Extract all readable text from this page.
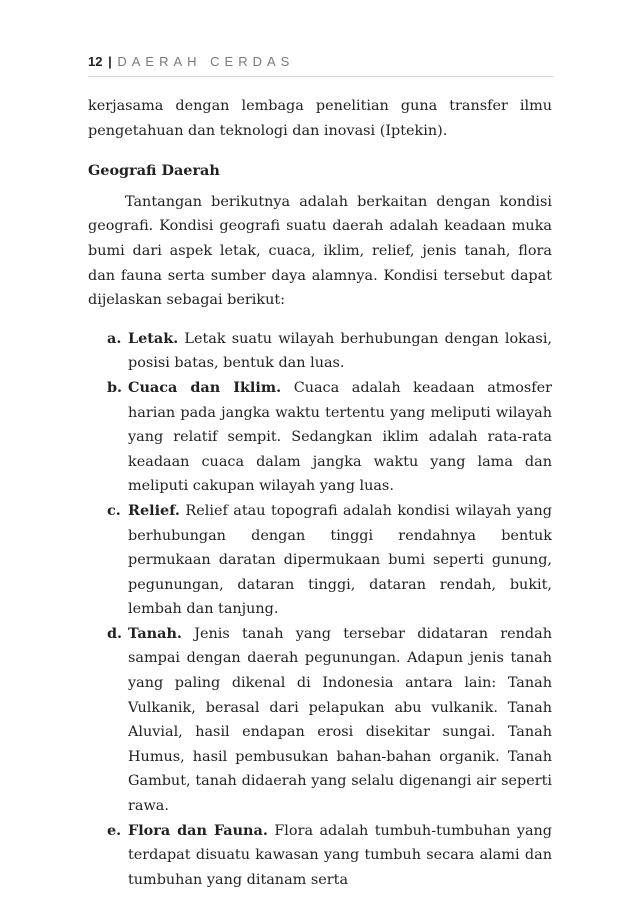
12 | DAERAH CERDAS

kerjasama dengan lembaga penelitian guna transfer ilmu pengetahuan dan teknologi dan inovasi (Iptekin).

Geografi Daerah

Tantangan berikutnya adalah berkaitan dengan kondisi geografi. Kondisi geografi suatu daerah adalah keadaan muka bumi dari aspek letak, cuaca, iklim, relief, jenis tanah, flora dan fauna serta sumber daya alamnya. Kondisi tersebut dapat dijelaskan sebagai berikut:

a. Letak. Letak suatu wilayah berhubungan dengan lokasi, posisi batas, bentuk dan luas.

b. Cuaca dan Iklim. Cuaca adalah keadaan atmosfer harian pada jangka waktu tertentu yang meliputi wilayah yang relatif sempit. Sedangkan iklim adalah rata-rata keadaan cuaca dalam jangka waktu yang lama dan meliputi cakupan wilayah yang luas.

c. Relief. Relief atau topografi adalah kondisi wilayah yang berhubungan dengan tinggi rendahnya bentuk permukaan daratan dipermukaan bumi seperti gunung, pegunungan, dataran tinggi, dataran rendah, bukit, lembah dan tanjung.

d. Tanah. Jenis tanah yang tersebar didataran rendah sampai dengan daerah pegunungan. Adapun jenis tanah yang paling dikenal di Indonesia antara lain: Tanah Vulkanik, berasal dari pelapukan abu vulkanik. Tanah Aluvial, hasil endapan erosi disekitar sungai. Tanah Humus, hasil pembusukan bahan-bahan organik. Tanah Gambut, tanah didaerah yang selalu digenangi air seperti rawa.

e. Flora dan Fauna. Flora adalah tumbuh-tumbuhan yang terdapat disuatu kawasan yang tumbuh secara alami dan tumbuhan yang ditanam serta
